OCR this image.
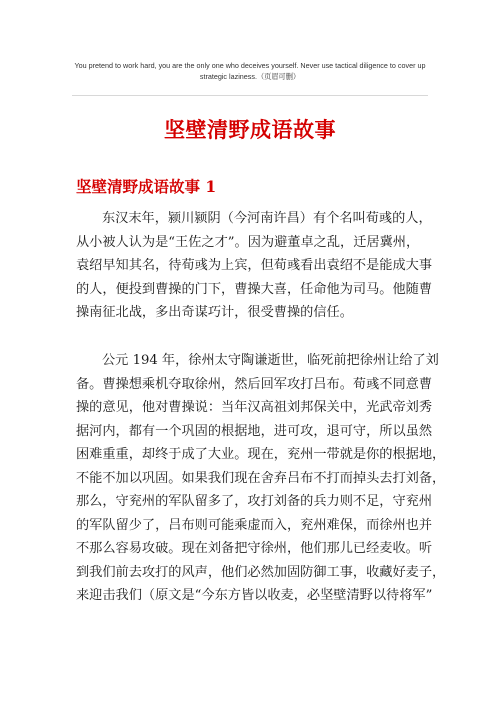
You pretend to work hard, you are the only one who deceives yourself. Never use tactical diligence to cover up strategic laziness.（页眉可删）
坚壁清野成语故事
坚壁清野成语故事 1
东汉末年，颍川颍阴（今河南许昌）有个名叫荀彧的人，
从小被人认为是“王佐之才”。因为避董卓之乱，迁居冀州，
袁绍早知其名，待荀彧为上宾，但荀彧看出袁绍不是能成大事
的人，便投到曹操的门下，曹操大喜，任命他为司马。他随曹
操南征北战，多出奇谋巧计，很受曹操的信任。
公元 194 年，徐州太守陶谦逝世，临死前把徐州让给了刘
备。曹操想乘机夺取徐州，然后回军攻打吕布。荀彧不同意曹
操的意见，他对曹操说：当年汉高祖刘邦保关中，光武帝刘秀
据河内，都有一个巩固的根据地，进可攻，退可守，所以虽然
困难重重，却终于成了大业。现在，兖州一带就是你的根据地，
不能不加以巩固。如果我们现在舍弃吕布不打而掉头去打刘备，
那么，守兖州的军队留多了，攻打刘备的兵力则不足，守兖州
的军队留少了，吕布则可能乘虚而入，兖州难保，而徐州也并
不那么容易攻破。现在刘备把守徐州，他们那儿已经麦收。听
到我们前去攻打的风声，他们必然加固防御工事，收藏好麦子，
来迎击我们（原文是“今东方皆以收麦，必坚壁清野以待将军”
